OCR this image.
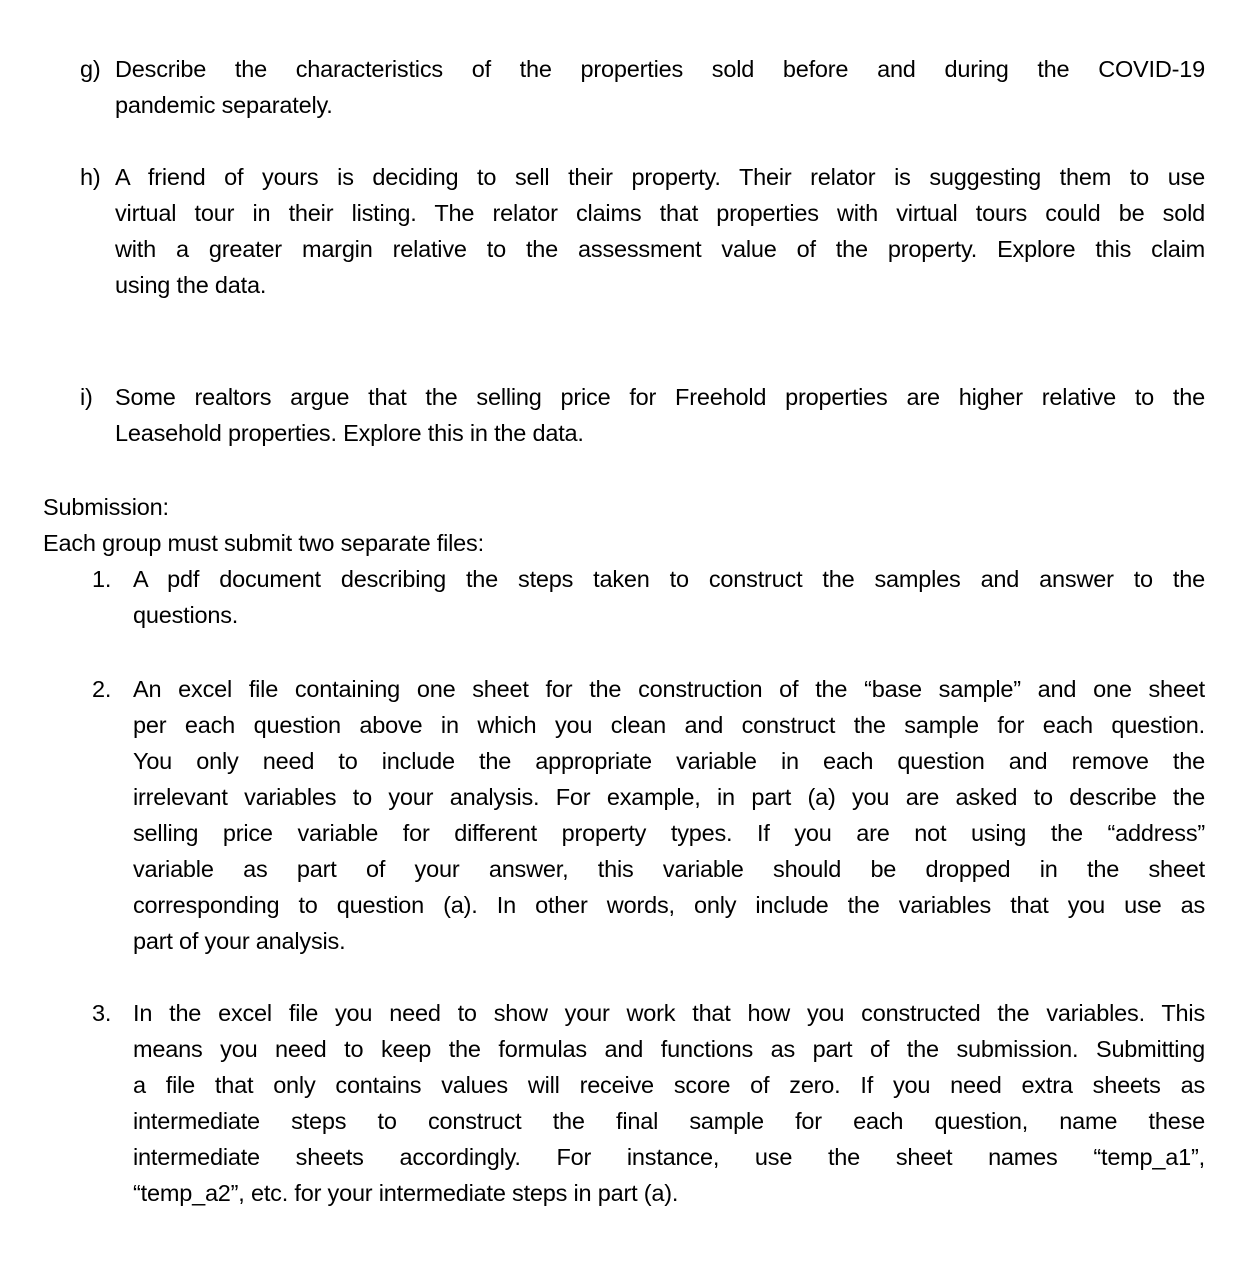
g) Describe the characteristics of the properties sold before and during the COVID-19
pandemic separately.
h) A friend of yours is deciding to sell their property. Their relator is suggesting them to use
virtual tour in their listing. The relator claims that properties with virtual tours could be sold
with a greater margin relative to the assessment value of the property. Explore this claim
using the data.
i) Some realtors argue that the selling price for Freehold properties are higher relative to the
Leasehold properties. Explore this in the data.
Submission:
Each group must submit two separate files:
1. A pdf document describing the steps taken to construct the samples and answer to the
questions.
2. An excel file containing one sheet for the construction of the “base sample” and one sheet
per each question above in which you clean and construct the sample for each question.
You only need to include the appropriate variable in each question and remove the
irrelevant variables to your analysis. For example, in part (a) you are asked to describe the
selling price variable for different property types. If you are not using the “address”
variable as part of your answer, this variable should be dropped in the sheet
corresponding to question (a). In other words, only include the variables that you use as
part of your analysis.
3. In the excel file you need to show your work that how you constructed the variables. This
means you need to keep the formulas and functions as part of the submission. Submitting
a file that only contains values will receive score of zero. If you need extra sheets as
intermediate steps to construct the final sample for each question, name these
intermediate sheets accordingly. For instance, use the sheet names “temp_a1”,
“temp_a2”, etc. for your intermediate steps in part (a).
